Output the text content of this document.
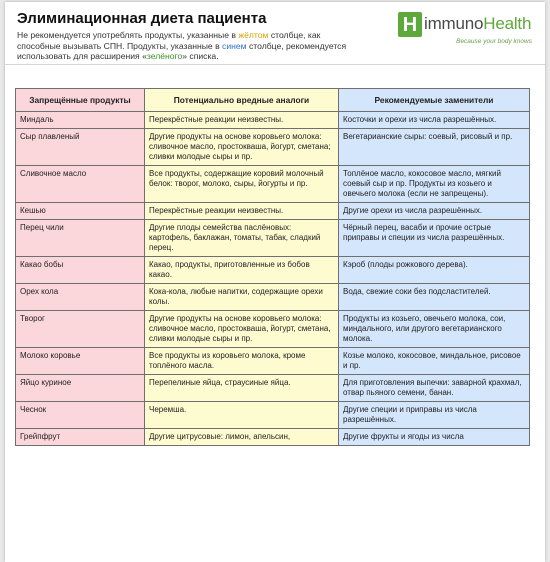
Элиминационная диета пациента
Не рекомендуется употреблять продукты, указанные в жёлтом столбце, как способные вызывать СПН. Продукты, указанные в синем столбце, рекомендуется использовать для расширения «зелёного» списка.
H immunoHealth
Because your body knows
Запрещённые продукты	Потенциально вредные аналоги	Рекомендуемые заменители
Миндаль	Перекрёстные реакции неизвестны.	Косточки и орехи из числа разрешённых.
Сыр плавленый	Другие продукты на основе коровьего молока: сливочное масло, простокваша, йогурт, сметана; сливки молодые сыры и пр.	Вегетарианские сыры: соевый, рисовый и пр.
Сливочное масло	Все продукты, содержащие коровий молочный белок: творог, молоко, сыры, йогурты и пр.	Топлёное масло, кокосовое масло, мягкий соевый сыр и пр. Продукты из козьего и овечьего молока (если не запрещены).
Кешью	Перекрёстные реакции неизвестны.	Другие орехи из числа разрешённых.
Перец чили	Другие плоды семейства паслёновых: картофель, баклажан, томаты, табак, сладкий перец.	Чёрный перец, васаби и прочие острые приправы и специи из числа разрешённых.
Какао бобы	Какао, продукты, приготовленные из бобов какао.	Кэроб (плоды рожкового дерева).
Орех кола	Кока-кола, любые напитки, содержащие орехи колы.	Вода, свежие соки без подсластителей.
Творог	Другие продукты на основе коровьего молока: сливочное масло, простокваша, йогурт, сметана, сливки молодые сыры и пр.	Продукты из козьего, овечьего молока, сои, миндального, или другого вегетарианского молока.
Молоко коровье	Все продукты из коровьего молока, кроме топлёного масла.	Козье молоко, кокосовое, миндальное, рисовое и пр.
Яйцо куриное	Перепелиные яйца, страусиные яйца.	Для приготовления выпечки: заварной крахмал, отвар пьяного семени, банан.
Чеснок	Черемша.	Другие специи и приправы из числа разрешённых.
Грейпфрут	Другие цитрусовые: лимон, апельсин,	Другие фрукты и ягоды из числа
